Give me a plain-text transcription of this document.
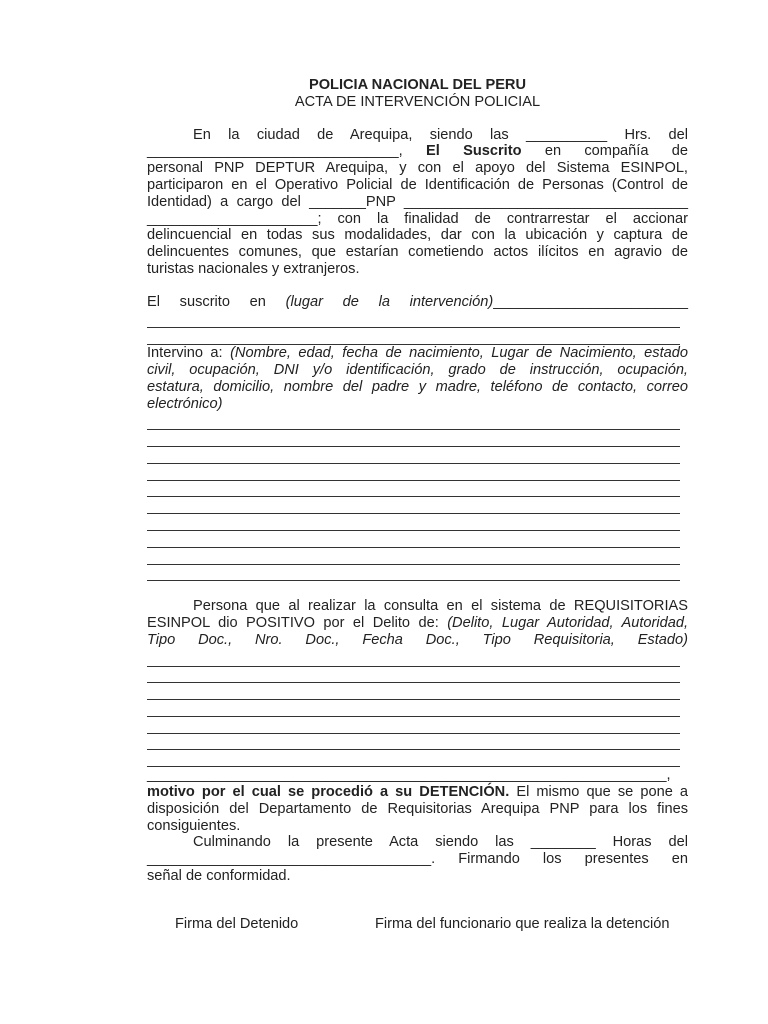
POLICIA NACIONAL DEL PERU
ACTA DE INTERVENCIÓN POLICIAL
En la ciudad de Arequipa, siendo las __________ Hrs. del
_______________________________, El Suscrito en compañía de
personal PNP DEPTUR Arequipa, y con el apoyo del Sistema ESINPOL,
participaron en el Operativo Policial de Identificación de Personas (Control de
Identidad) a cargo del _______PNP ___________________________________
_____________________; con la finalidad de contrarrestar el accionar
delincuencial en todas sus modalidades, dar con la ubicación y captura de
delincuentes comunes, que estarían cometiendo actos ilícitos en agravio de
turistas nacionales y extranjeros.
El suscrito en (lugar de la intervención)________________________
Intervino a: (Nombre, edad, fecha de nacimiento, Lugar de Nacimiento, estado
civil, ocupación, DNI y/o identificación, grado de instrucción, ocupación,
estatura, domicilio, nombre del padre y madre, teléfono de contacto, correo
electrónico)
Persona que al realizar la consulta en el sistema de REQUISITORIAS
ESINPOL dio POSITIVO por el Delito de: (Delito, Lugar Autoridad, Autoridad,
Tipo Doc., Nro. Doc., Fecha Doc., Tipo Requisitoria, Estado)
________________________________________________________________,
motivo por el cual se procedió a su DETENCIÓN. El mismo que se pone a
disposición del Departamento de Requisitorias Arequipa PNP para los fines
consiguientes.
Culminando la presente Acta siendo las ________ Horas del
___________________________________. Firmando los presentes en
señal de conformidad.
Firma del Detenido	Firma del funcionario que realiza la detención
